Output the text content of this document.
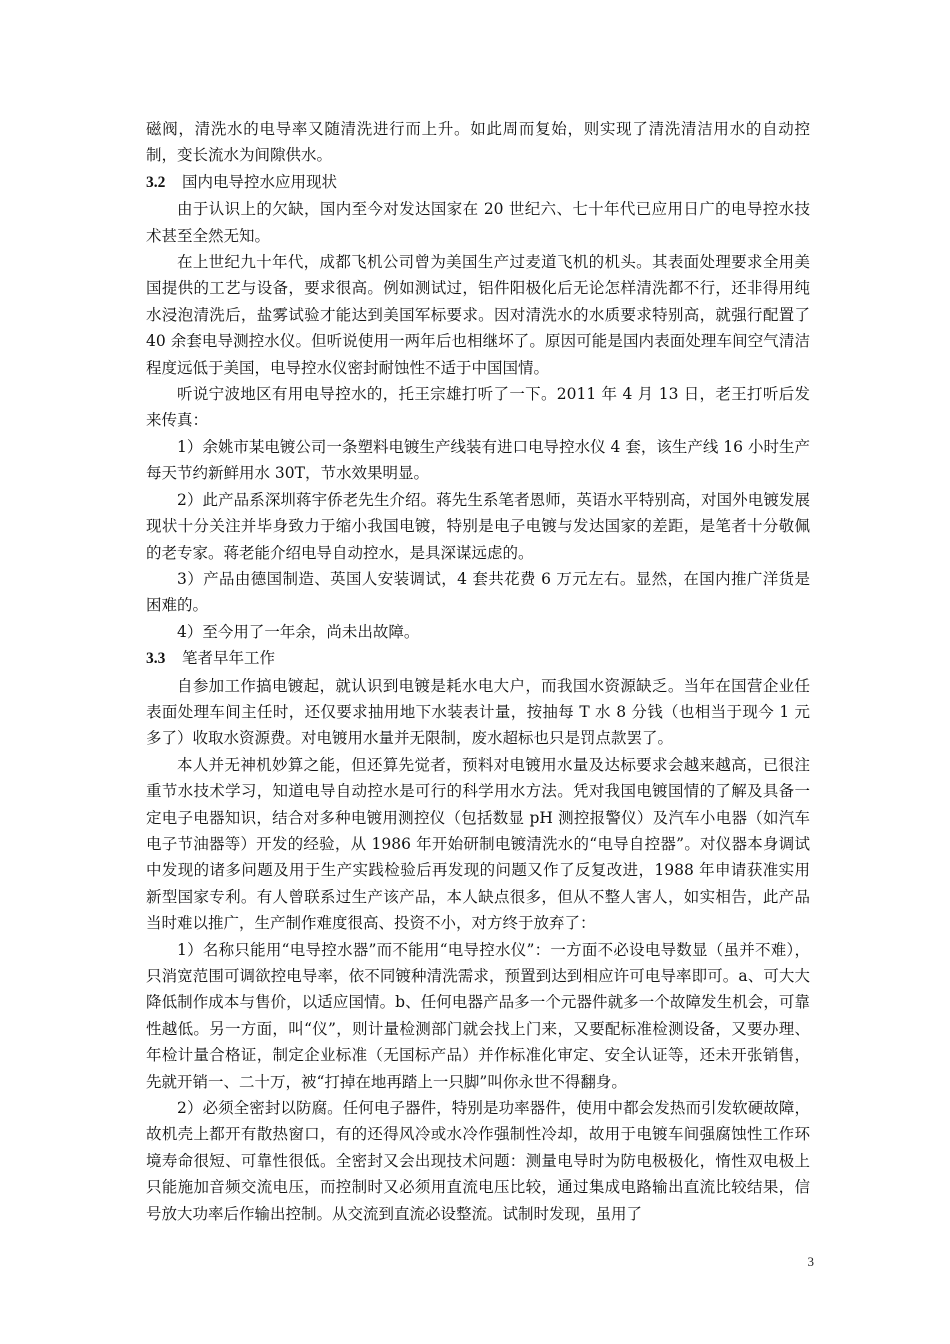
磁阀，清洗水的电导率又随清洗进行而上升。如此周而复始，则实现了清洗清洁用水的自动控制，变长流水为间隙供水。

3.2 国内电导控水应用现状

由于认识上的欠缺，国内至今对发达国家在 20 世纪六、七十年代已应用日广的电导控水技术甚至全然无知。

在上世纪九十年代，成都飞机公司曾为美国生产过麦道飞机的机头。其表面处理要求全用美国提供的工艺与设备，要求很高。例如测试过，铝件阳极化后无论怎样清洗都不行，还非得用纯水浸泡清洗后，盐雾试验才能达到美国军标要求。因对清洗水的水质要求特别高，就强行配置了 40 余套电导测控水仪。但听说使用一两年后也相继坏了。原因可能是国内表面处理车间空气清洁程度远低于美国，电导控水仪密封耐蚀性不适于中国国情。

听说宁波地区有用电导控水的，托王宗雄打听了一下。2011 年 4 月 13 日，老王打听后发来传真：

1）余姚市某电镀公司一条塑料电镀生产线装有进口电导控水仪 4 套，该生产线 16 小时生产每天节约新鲜用水 30T，节水效果明显。

2）此产品系深圳蒋宇侨老先生介绍。蒋先生系笔者恩师，英语水平特别高，对国外电镀发展现状十分关注并毕身致力于缩小我国电镀，特别是电子电镀与发达国家的差距，是笔者十分敬佩的老专家。蒋老能介绍电导自动控水，是具深谋远虑的。

3）产品由德国制造、英国人安装调试，4 套共花费 6 万元左右。显然，在国内推广洋货是困难的。

4）至今用了一年余，尚未出故障。

3.3 笔者早年工作

自参加工作搞电镀起，就认识到电镀是耗水电大户，而我国水资源缺乏。当年在国营企业任表面处理车间主任时，还仅要求抽用地下水装表计量，按抽每 T 水 8 分钱（也相当于现今 1 元多了）收取水资源费。对电镀用水量并无限制，废水超标也只是罚点款罢了。

本人并无神机妙算之能，但还算先觉者，预料对电镀用水量及达标要求会越来越高，已很注重节水技术学习，知道电导自动控水是可行的科学用水方法。凭对我国电镀国情的了解及具备一定电子电器知识，结合对多种电镀用测控仪（包括数显 pH 测控报警仪）及汽车小电器（如汽车电子节油器等）开发的经验，从 1986 年开始研制电镀清洗水的“电导自控器”。对仪器本身调试中发现的诸多问题及用于生产实践检验后再发现的问题又作了反复改进，1988 年申请获准实用新型国家专利。有人曾联系过生产该产品，本人缺点很多，但从不整人害人，如实相告，此产品当时难以推广，生产制作难度很高、投资不小，对方终于放弃了：

1）名称只能用“电导控水器”而不能用“电导控水仪”：一方面不必设电导数显（虽并不难），只消宽范围可调欲控电导率，依不同镀种清洗需求，预置到达到相应许可电导率即可。a、可大大降低制作成本与售价，以适应国情。b、任何电器产品多一个元器件就多一个故障发生机会，可靠性越低。另一方面，叫“仪”，则计量检测部门就会找上门来，又要配标准检测设备，又要办理、年检计量合格证，制定企业标准（无国标产品）并作标准化审定、安全认证等，还未开张销售，先就开销一、二十万，被“打掉在地再踏上一只脚”叫你永世不得翻身。

2）必须全密封以防腐。任何电子器件，特别是功率器件，使用中都会发热而引发软硬故障，故机壳上都开有散热窗口，有的还得风冷或水冷作强制性冷却，故用于电镀车间强腐蚀性工作环境寿命很短、可靠性很低。全密封又会出现技术问题：测量电导时为防电极极化，惰性双电极上只能施加音频交流电压，而控制时又必须用直流电压比较，通过集成电路输出直流比较结果，信号放大功率后作输出控制。从交流到直流必设整流。试制时发现，虽用了

3
